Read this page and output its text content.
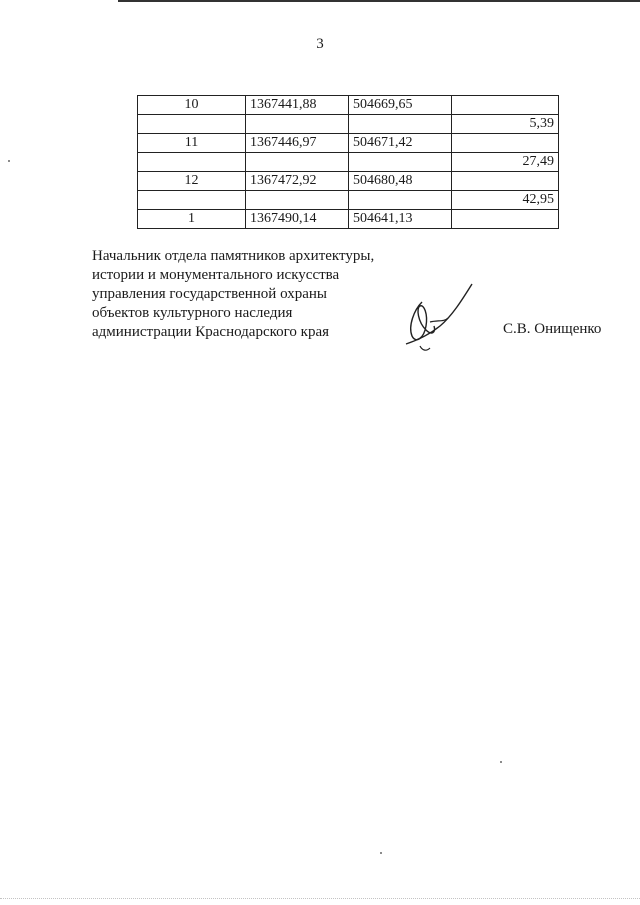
3
10	1367441,88	504669,65	
			5,39
11	1367446,97	504671,42	
			27,49
12	1367472,92	504680,48	
			42,95
1	1367490,14	504641,13	
Начальник отдела памятников архитектуры,
истории и монументального искусства
управления государственной охраны
объектов культурного наследия
администрации Краснодарского края	С.В. Онищенко
